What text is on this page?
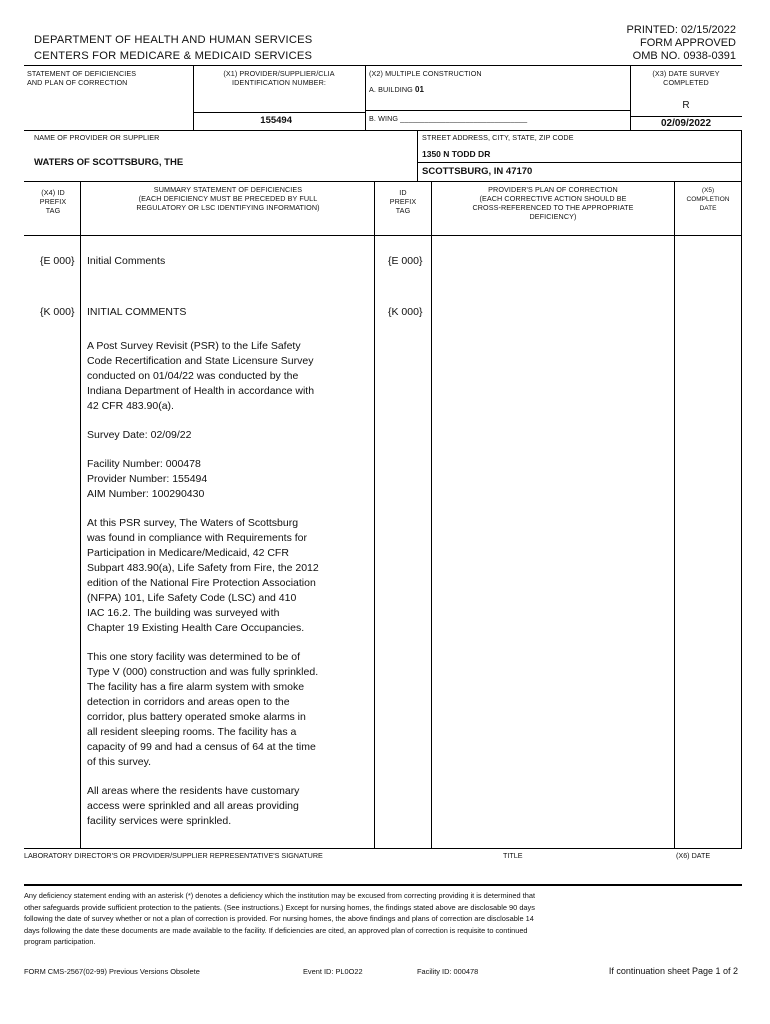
DEPARTMENT OF HEALTH AND HUMAN SERVICES
CENTERS FOR MEDICARE & MEDICAID SERVICES
PRINTED: 02/15/2022
FORM APPROVED
OMB NO. 0938-0391
STATEMENT OF DEFICIENCIES
AND PLAN OF CORRECTION
(X1) PROVIDER/SUPPLIER/CLIA
IDENTIFICATION NUMBER:
155494
(X2) MULTIPLE CONSTRUCTION
A. BUILDING 01
B. WING _______________________________
(X3) DATE SURVEY
COMPLETED
R
02/09/2022
NAME OF PROVIDER OR SUPPLIER
WATERS OF SCOTTSBURG, THE
STREET ADDRESS, CITY, STATE, ZIP CODE
1350 N TODD DR
SCOTTSBURG, IN 47170
(X4) ID
PREFIX
TAG
SUMMARY STATEMENT OF DEFICIENCIES
(EACH DEFICIENCY MUST BE PRECEDED BY FULL
REGULATORY OR LSC IDENTIFYING INFORMATION)
ID
PREFIX
TAG
PROVIDER'S PLAN OF CORRECTION
(EACH CORRECTIVE ACTION SHOULD BE
CROSS-REFERENCED TO THE APPROPRIATE
DEFICIENCY)
(X5)
COMPLETION
DATE
{E 000} Initial Comments	{E 000}
{K 000} INITIAL COMMENTS	{K 000}

A Post Survey Revisit (PSR) to the Life Safety
Code Recertification and State Licensure Survey
conducted on 01/04/22 was conducted by the
Indiana Department of Health in accordance with
42 CFR 483.90(a).

Survey Date: 02/09/22

Facility Number: 000478
Provider Number: 155494
AIM Number: 100290430

At this PSR survey, The Waters of Scottsburg
was found in compliance with Requirements for
Participation in Medicare/Medicaid, 42 CFR
Subpart 483.90(a), Life Safety from Fire, the 2012
edition of the National Fire Protection Association
(NFPA) 101, Life Safety Code (LSC) and 410
IAC 16.2. The building was surveyed with
Chapter 19 Existing Health Care Occupancies.

This one story facility was determined to be of
Type V (000) construction and was fully sprinkled.
The facility has a fire alarm system with smoke
detection in corridors and areas open to the
corridor, plus battery operated smoke alarms in
all resident sleeping rooms. The facility has a
capacity of 99 and had a census of 64 at the time
of this survey.

All areas where the residents have customary
access were sprinkled and all areas providing
facility services were sprinkled.

LABORATORY DIRECTOR'S OR PROVIDER/SUPPLIER REPRESENTATIVE'S SIGNATURE	TITLE	(X6) DATE
Any deficiency statement ending with an asterisk (*) denotes a deficiency which the institution may be excused from correcting providing it is determined that
other safeguards provide sufficient protection to the patients. (See instructions.) Except for nursing homes, the findings stated above are disclosable 90 days
following the date of survey whether or not a plan of correction is provided. For nursing homes, the above findings and plans of correction are disclosable 14
days following the date these documents are made available to the facility. If deficiencies are cited, an approved plan of correction is requisite to continued
program participation.
FORM CMS-2567(02-99) Previous Versions Obsolete	Event ID: PL0O22	Facility ID: 000478	If continuation sheet Page 1 of 2
